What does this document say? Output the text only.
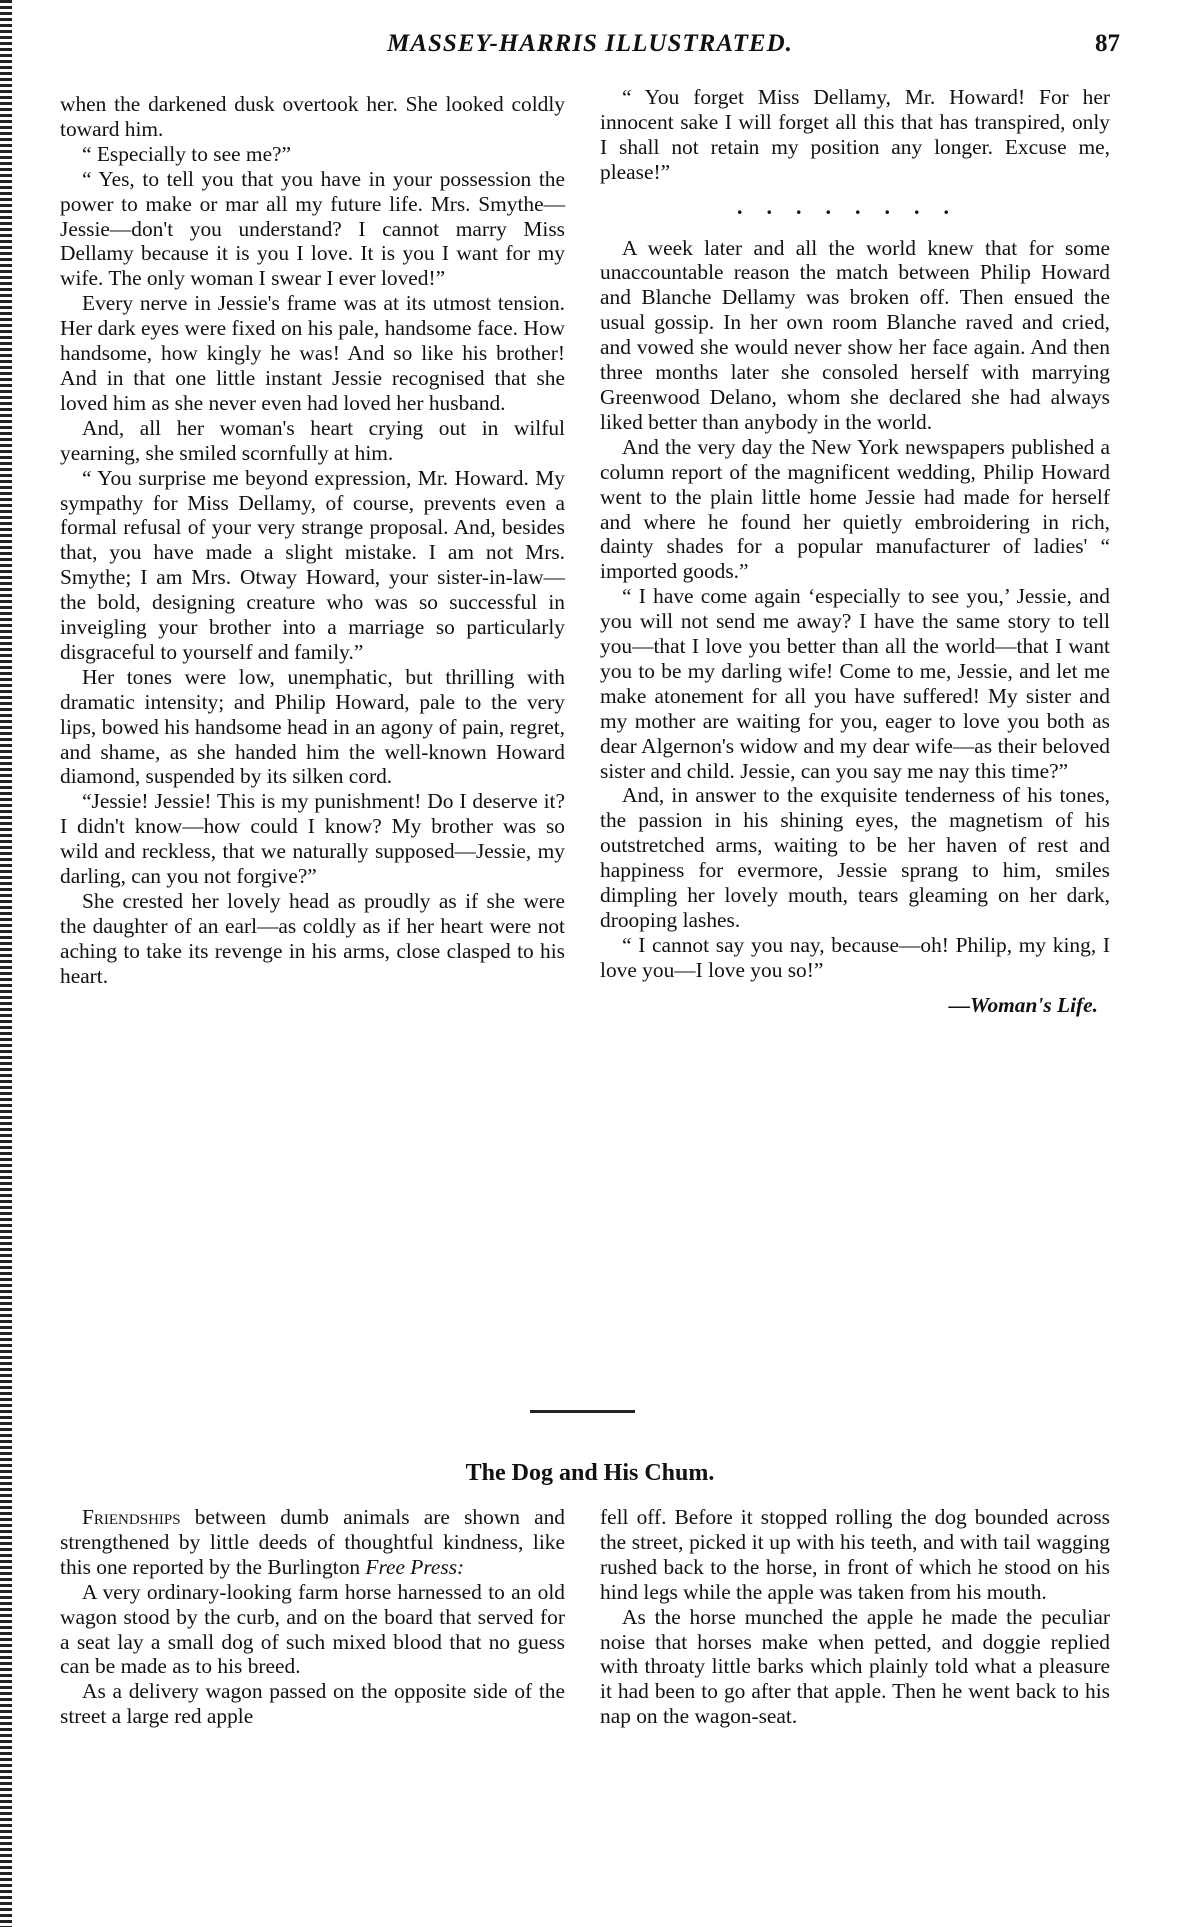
MASSEY-HARRIS ILLUSTRATED.	87

when the darkened dusk overtook her. She looked coldly toward him.

“ Especially to see me?”

“ Yes, to tell you that you have in your possession the power to make or mar all my future life. Mrs. Smythe—Jessie—don't you understand? I cannot marry Miss Dellamy because it is you I love. It is you I want for my wife. The only woman I swear I ever loved!”

Every nerve in Jessie's frame was at its utmost tension. Her dark eyes were fixed on his pale, handsome face. How handsome, how kingly he was! And so like his brother! And in that one little instant Jessie recognised that she loved him as she never even had loved her husband.

And, all her woman's heart crying out in wilful yearning, she smiled scornfully at him.

“ You surprise me beyond expression, Mr. Howard. My sympathy for Miss Dellamy, of course, prevents even a formal refusal of your very strange proposal. And, besides that, you have made a slight mistake. I am not Mrs. Smythe; I am Mrs. Otway Howard, your sister-in-law—the bold, designing creature who was so successful in inveigling your brother into a marriage so particularly disgraceful to yourself and family.”

Her tones were low, unemphatic, but thrilling with dramatic intensity; and Philip Howard, pale to the very lips, bowed his handsome head in an agony of pain, regret, and shame, as she handed him the well-known Howard diamond, suspended by its silken cord.

“Jessie! Jessie! This is my punishment! Do I deserve it? I didn't know—how could I know? My brother was so wild and reckless, that we naturally supposed—Jessie, my darling, can you not forgive?”

She crested her lovely head as proudly as if she were the daughter of an earl—as coldly as if her heart were not aching to take its revenge in his arms, close clasped to his heart.

“ You forget Miss Dellamy, Mr. Howard! For her innocent sake I will forget all this that has transpired, only I shall not retain my position any longer. Excuse me, please!”

........

A week later and all the world knew that for some unaccountable reason the match between Philip Howard and Blanche Dellamy was broken off. Then ensued the usual gossip. In her own room Blanche raved and cried, and vowed she would never show her face again. And then three months later she consoled herself with marrying Greenwood Delano, whom she declared she had always liked better than anybody in the world.

And the very day the New York newspapers published a column report of the magnificent wedding, Philip Howard went to the plain little home Jessie had made for herself and where he found her quietly embroidering in rich, dainty shades for a popular manufacturer of ladies' “ imported goods.”

“ I have come again ‘especially to see you,’ Jessie, and you will not send me away? I have the same story to tell you—that I love you better than all the world—that I want you to be my darling wife! Come to me, Jessie, and let me make atonement for all you have suffered! My sister and my mother are waiting for you, eager to love you both as dear Algernon's widow and my dear wife—as their beloved sister and child. Jessie, can you say me nay this time?”

And, in answer to the exquisite tenderness of his tones, the passion in his shining eyes, the magnetism of his outstretched arms, waiting to be her haven of rest and happiness for evermore, Jessie sprang to him, smiles dimpling her lovely mouth, tears gleaming on her dark, drooping lashes.

“ I cannot say you nay, because—oh! Philip, my king, I love you—I love you so!”

—Woman's Life.
The Dog and His Chum.

Friendships between dumb animals are shown and strengthened by little deeds of thoughtful kindness, like this one reported by the Burlington Free Press:

A very ordinary-looking farm horse harnessed to an old wagon stood by the curb, and on the board that served for a seat lay a small dog of such mixed blood that no guess can be made as to his breed.

As a delivery wagon passed on the opposite side of the street a large red apple

fell off. Before it stopped rolling the dog bounded across the street, picked it up with his teeth, and with tail wagging rushed back to the horse, in front of which he stood on his hind legs while the apple was taken from his mouth.

As the horse munched the apple he made the peculiar noise that horses make when petted, and doggie replied with throaty little barks which plainly told what a pleasure it had been to go after that apple. Then he went back to his nap on the wagon-seat.
